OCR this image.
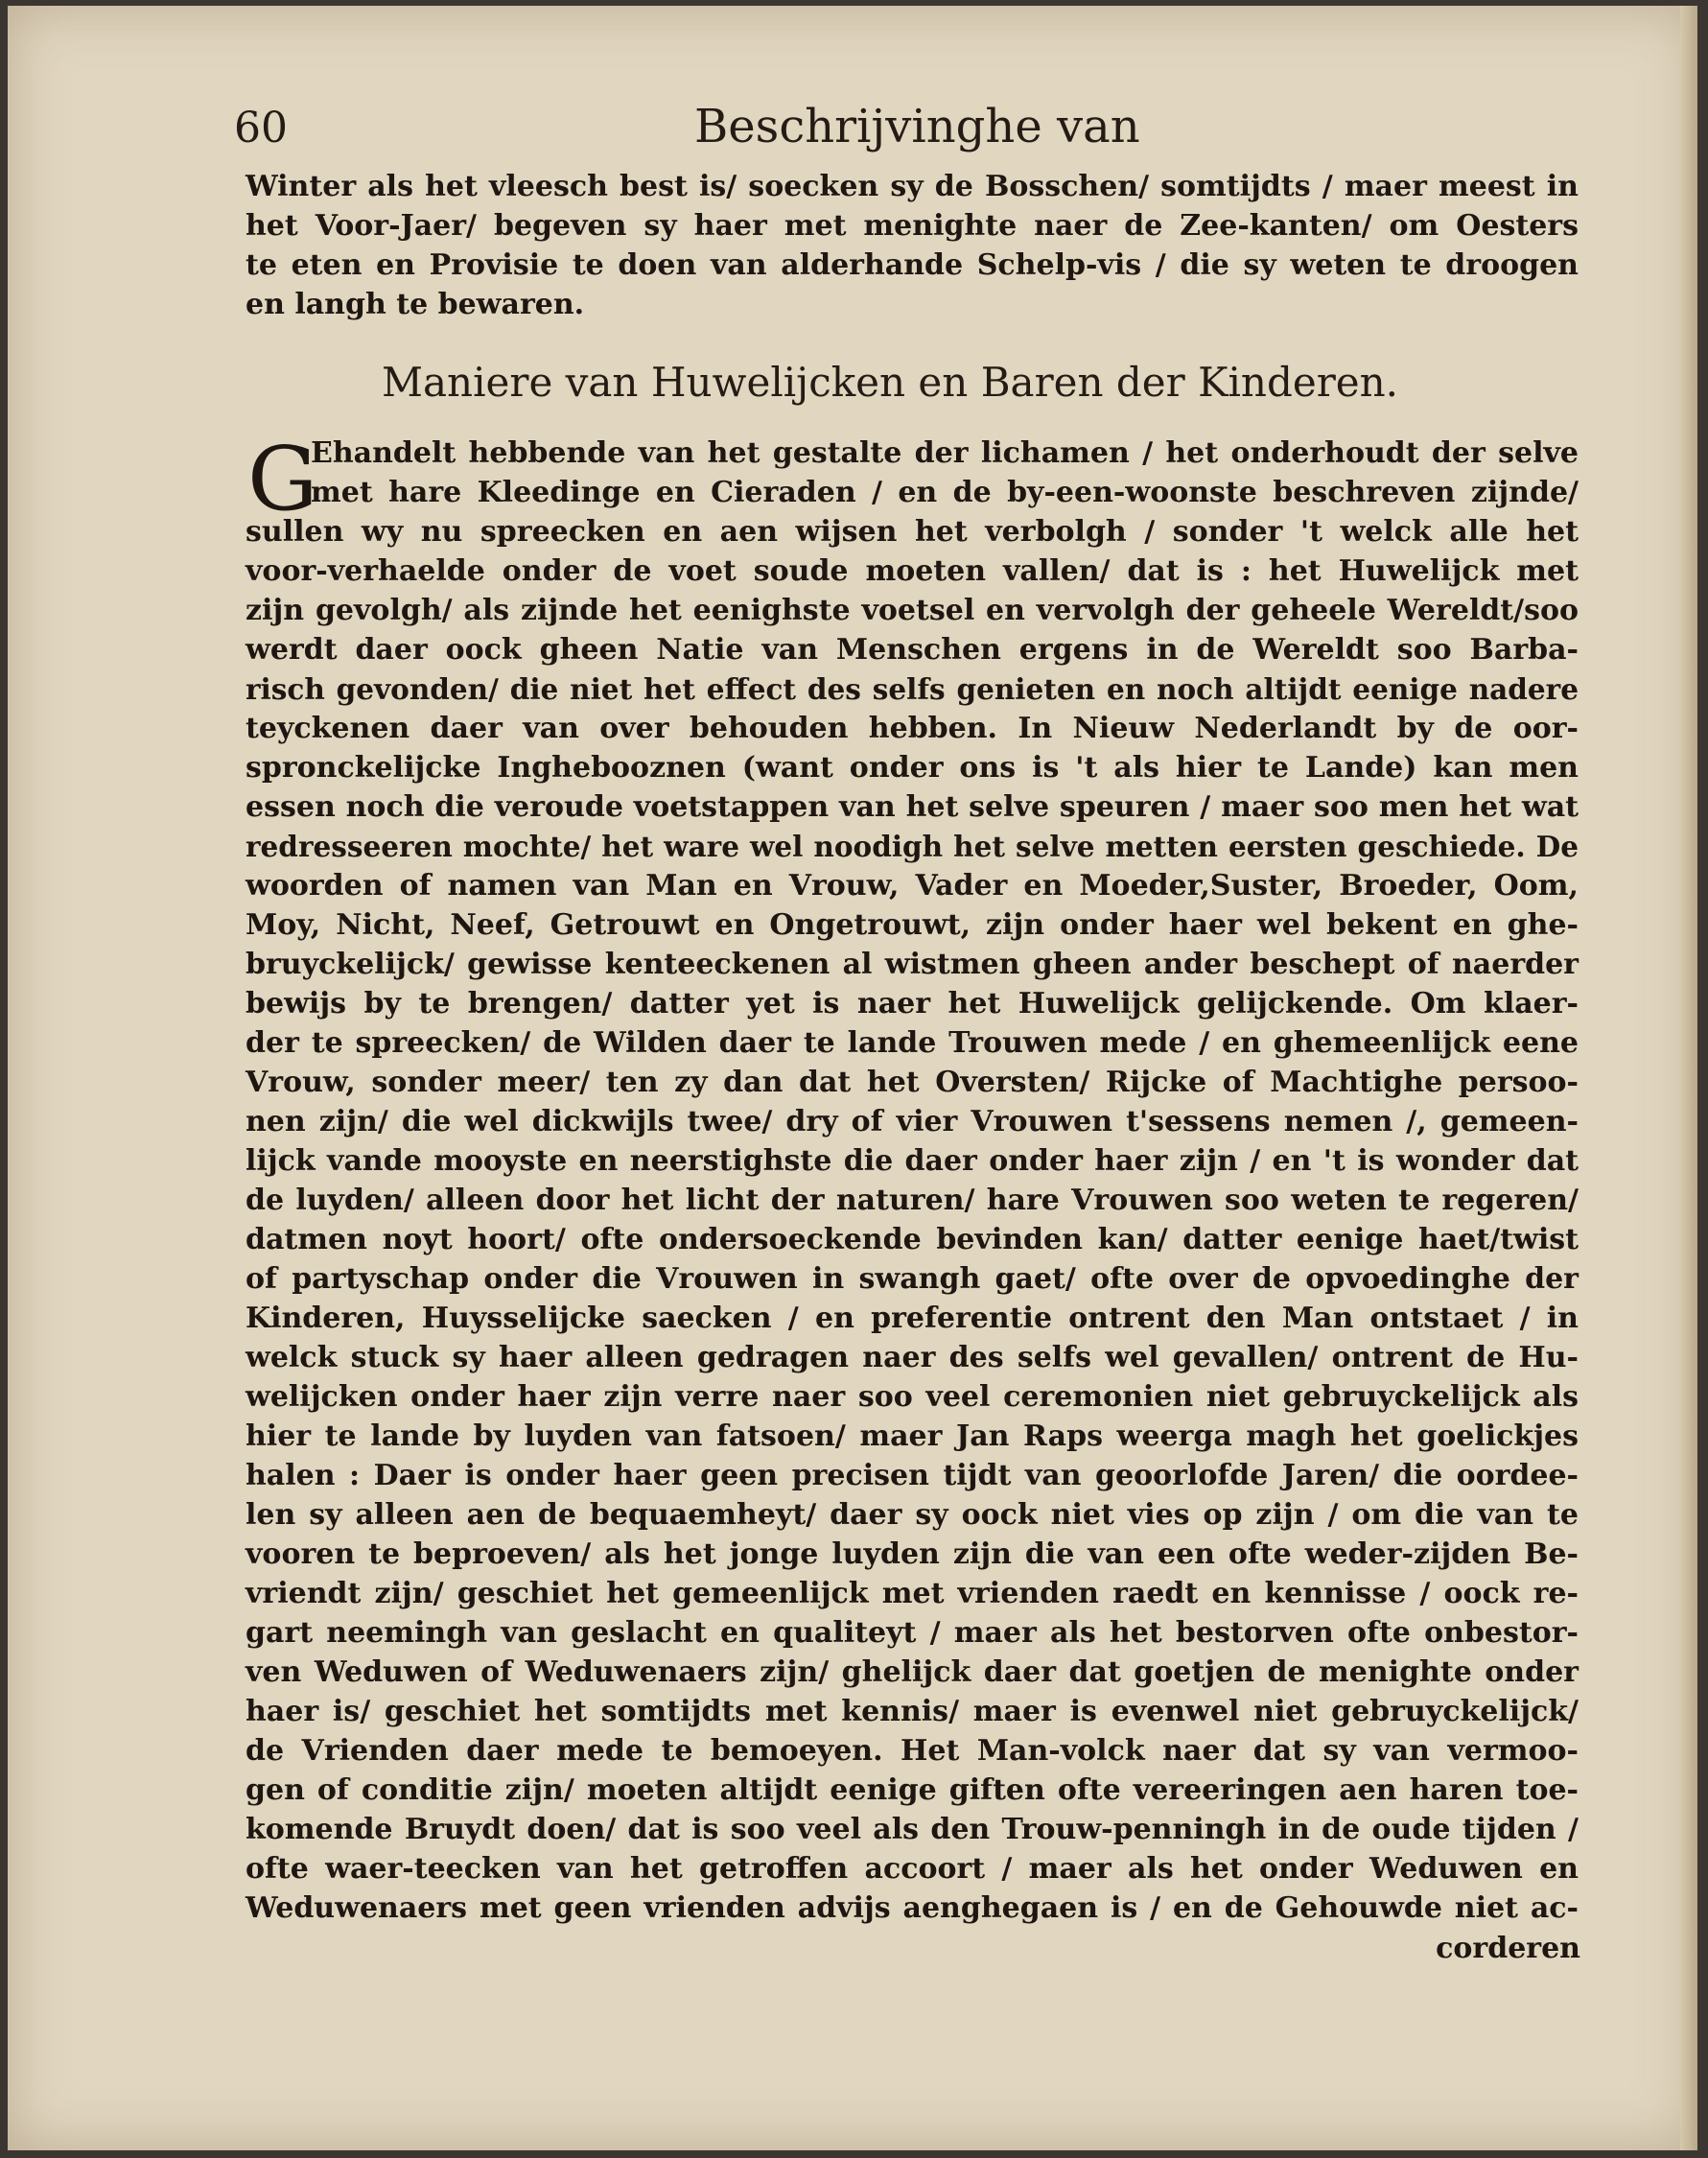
60	Beschrijvinghe van
Winter als het vleesch best is/ soecken sy de Bosschen/ somtijdts / maer meest in
het Voor-Jaer/ begeven sy haer met menighte naer de Zee-kanten/ om Oesters
te eten en Provisie te doen van alderhande Schelp-vis / die sy weten te droogen
en langh te bewaren.
Maniere van Huwelijcken en Baren der Kinderen.
G
Ehandelt hebbende van het gestalte der lichamen / het onderhoudt der selve
met hare Kleedinge en Cieraden / en de by-een-woonste beschreven zijnde/
sullen wy nu spreecken en aen wijsen het verbolgh / sonder 't welck alle het
voor-verhaelde onder de voet soude moeten vallen/ dat is : het Huwelijck met
zijn gevolgh/ als zijnde het eenighste voetsel en vervolgh der geheele Wereldt/soo
werdt daer oock gheen Natie van Menschen ergens in de Wereldt soo Barba-
risch gevonden/ die niet het effect des selfs genieten en noch altijdt eenige nadere
teyckenen daer van over behouden hebben. In Nieuw Nederlandt by de oor-
spronckelijcke Inghebooznen (want onder ons is 't als hier te Lande) kan men
essen noch die veroude voetstappen van het selve speuren / maer soo men het wat
redresseeren mochte/ het ware wel noodigh het selve metten eersten geschiede. De
woorden of namen van Man en Vrouw, Vader en Moeder,Suster, Broeder, Oom,
Moy, Nicht, Neef, Getrouwt en Ongetrouwt, zijn onder haer wel bekent en ghe-
bruyckelijck/ gewisse kenteeckenen al wistmen gheen ander beschept of naerder
bewijs by te brengen/ datter yet is naer het Huwelijck gelijckende. Om klaer-
der te spreecken/ de Wilden daer te lande Trouwen mede / en ghemeenlijck eene
Vrouw, sonder meer/ ten zy dan dat het Oversten/ Rijcke of Machtighe persoo-
nen zijn/ die wel dickwijls twee/ dry of vier Vrouwen t'sessens nemen /, gemeen-
lijck vande mooyste en neerstighste die daer onder haer zijn / en 't is wonder dat
de luyden/ alleen door het licht der naturen/ hare Vrouwen soo weten te regeren/
datmen noyt hoort/ ofte ondersoeckende bevinden kan/ datter eenige haet/twist
of partyschap onder die Vrouwen in swangh gaet/ ofte over de opvoedinghe der
Kinderen, Huysselijcke saecken / en preferentie ontrent den Man ontstaet / in
welck stuck sy haer alleen gedragen naer des selfs wel gevallen/ ontrent de Hu-
welijcken onder haer zijn verre naer soo veel ceremonien niet gebruyckelijck als
hier te lande by luyden van fatsoen/ maer Jan Raps weerga magh het goelickjes
halen : Daer is onder haer geen precisen tijdt van geoorlofde Jaren/ die oordee-
len sy alleen aen de bequaemheyt/ daer sy oock niet vies op zijn / om die van te
vooren te beproeven/ als het jonge luyden zijn die van een ofte weder-zijden Be-
vriendt zijn/ geschiet het gemeenlijck met vrienden raedt en kennisse / oock re-
gart neemingh van geslacht en qualiteyt / maer als het bestorven ofte onbestor-
ven Weduwen of Weduwenaers zijn/ ghelijck daer dat goetjen de menighte onder
haer is/ geschiet het somtijdts met kennis/ maer is evenwel niet gebruyckelijck/
de Vrienden daer mede te bemoeyen. Het Man-volck naer dat sy van vermoo-
gen of conditie zijn/ moeten altijdt eenige giften ofte vereeringen aen haren toe-
komende Bruydt doen/ dat is soo veel als den Trouw-penningh in de oude tijden /
ofte waer-teecken van het getroffen accoort / maer als het onder Weduwen en
Weduwenaers met geen vrienden advijs aenghegaen is / en de Gehouwde niet ac-
corderen
